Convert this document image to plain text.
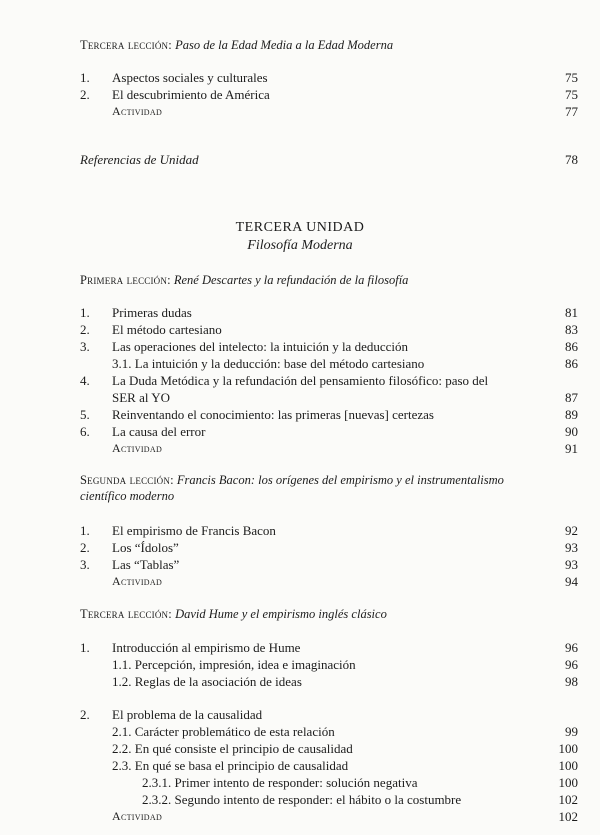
Tercera lección: Paso de la Edad Media a la Edad Moderna
1. Aspectos sociales y culturales	75
2. El descubrimiento de América	75
Actividad	77
Referencias de Unidad	78
TERCERA UNIDAD
Filosofía Moderna
Primera lección: René Descartes y la refundación de la filosofía
1. Primeras dudas	81
2. El método cartesiano	83
3. Las operaciones del intelecto: la intuición y la deducción	86
3.1. La intuición y la deducción: base del método cartesiano	86
4. La Duda Metódica y la refundación del pensamiento filosófico: paso del
SER al YO	87
5. Reinventando el conocimiento: las primeras [nuevas] certezas	89
6. La causa del error	90
Actividad	91
Segunda lección: Francis Bacon: los orígenes del empirismo y el instrumentalismo
científico moderno
1. El empirismo de Francis Bacon	92
2. Los “Ídolos”	93
3. Las “Tablas”	93
Actividad	94
Tercera lección: David Hume y el empirismo inglés clásico
1. Introducción al empirismo de Hume	96
1.1. Percepción, impresión, idea e imaginación	96
1.2. Reglas de la asociación de ideas	98
2. El problema de la causalidad
2.1. Carácter problemático de esta relación	99
2.2. En qué consiste el principio de causalidad	100
2.3. En qué se basa el principio de causalidad	100
2.3.1. Primer intento de responder: solución negativa	100
2.3.2. Segundo intento de responder: el hábito o la costumbre	102
Actividad	102
